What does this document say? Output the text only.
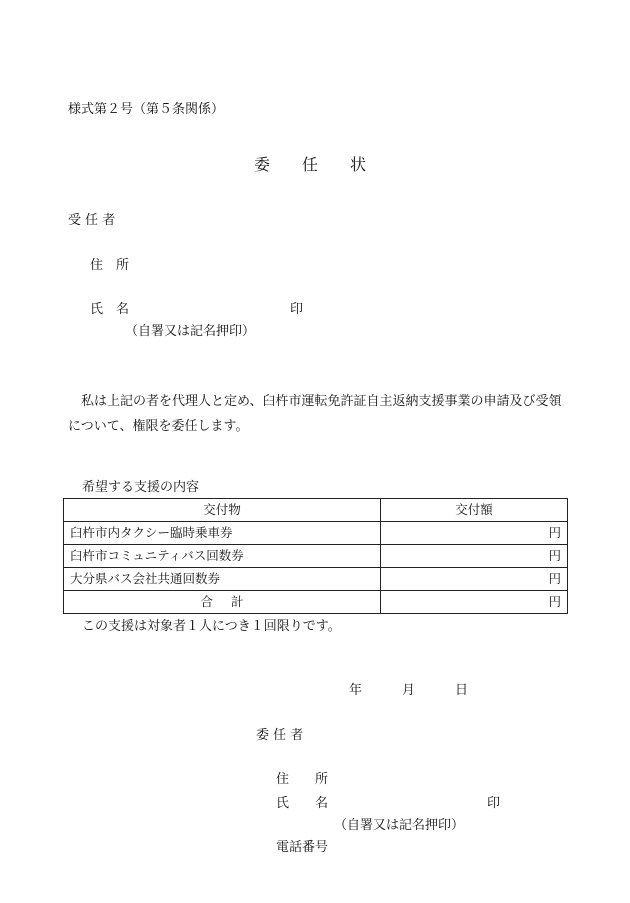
様式第２号（第５条関係）
委　　任　　状
受 任 者
住　所
氏　名	印
（自署又は記名押印）
私は上記の者を代理人と定め、臼杵市運転免許証自主返納支援事業の申請及び受領について、権限を委任します。
希望する支援の内容
交付物	交付額
臼杵市内タクシー臨時乗車券	円
臼杵市コミュニティバス回数券	円
大分県バス会社共通回数券	円
合 計	円
この支援は対象者１人につき１回限りです。
年	月	日
委 任 者
住　　所
氏　　名	印
（自署又は記名押印）
電話番号
